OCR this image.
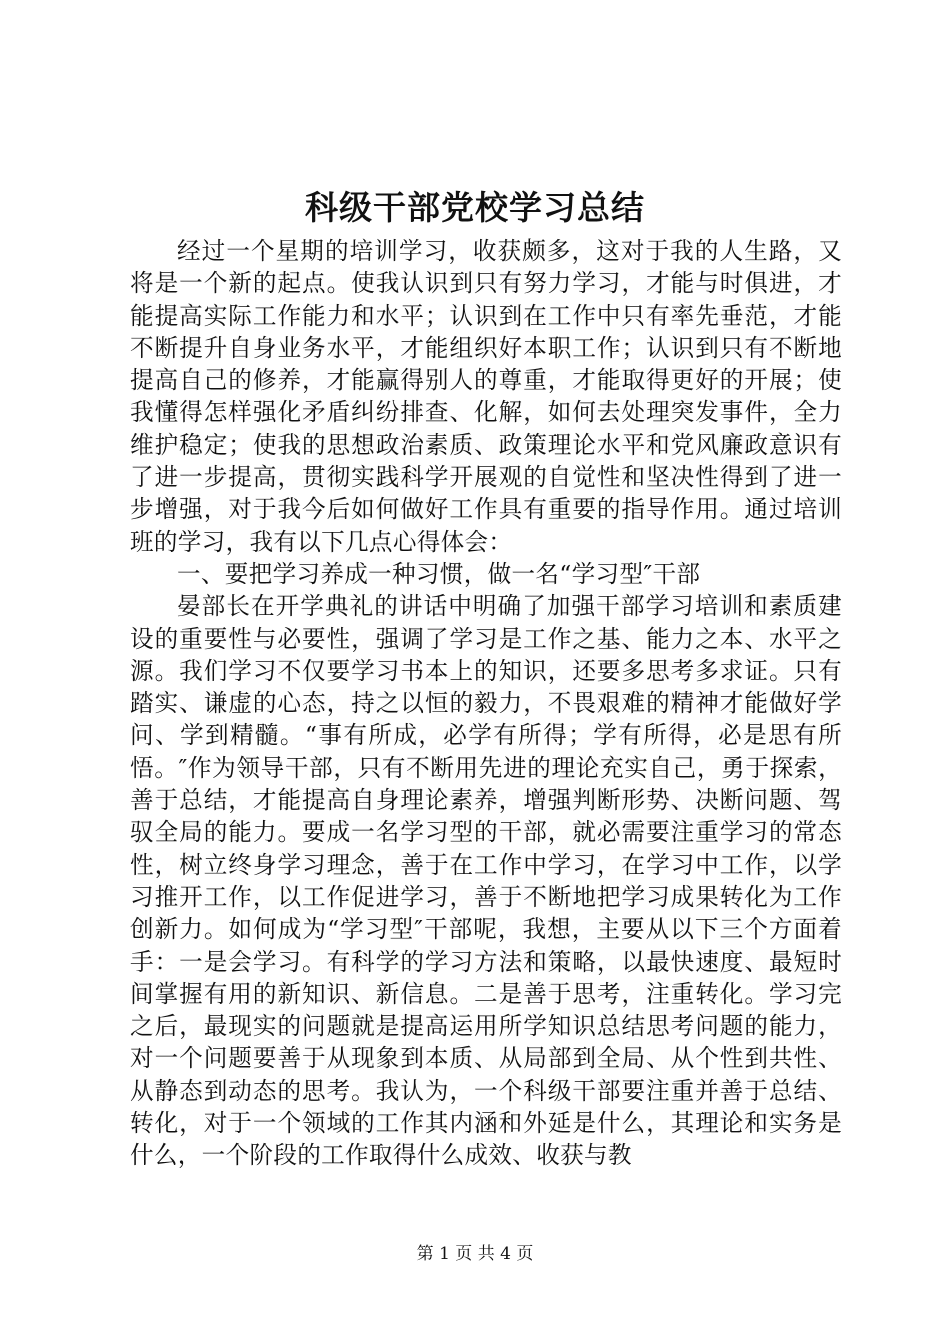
科级干部党校学习总结

经过一个星期的培训学习，收获颇多，这对于我的人生路，又将是一个新的起点。使我认识到只有努力学习，才能与时俱进，才能提高实际工作能力和水平；认识到在工作中只有率先垂范，才能不断提升自身业务水平，才能组织好本职工作；认识到只有不断地提高自己的修养，才能赢得别人的尊重，才能取得更好的开展；使我懂得怎样强化矛盾纠纷排查、化解，如何去处理突发事件，全力维护稳定；使我的思想政治素质、政策理论水平和党风廉政意识有了进一步提高，贯彻实践科学开展观的自觉性和坚决性得到了进一步增强，对于我今后如何做好工作具有重要的指导作用。通过培训班的学习，我有以下几点心得体会：

一、要把学习养成一种习惯，做一名“学习型″干部

晏部长在开学典礼的讲话中明确了加强干部学习培训和素质建设的重要性与必要性，强调了学习是工作之基、能力之本、水平之源。我们学习不仅要学习书本上的知识，还要多思考多求证。只有踏实、谦虚的心态，持之以恒的毅力，不畏艰难的精神才能做好学问、学到精髓。“事有所成，必学有所得；学有所得，必是思有所悟。″作为领导干部，只有不断用先进的理论充实自己，勇于探索，善于总结，才能提高自身理论素养，增强判断形势、决断问题、驾驭全局的能力。要成一名学习型的干部，就必需要注重学习的常态性，树立终身学习理念，善于在工作中学习，在学习中工作，以学习推开工作，以工作促进学习，善于不断地把学习成果转化为工作创新力。如何成为“学习型″干部呢，我想，主要从以下三个方面着手：一是会学习。有科学的学习方法和策略，以最快速度、最短时间掌握有用的新知识、新信息。二是善于思考，注重转化。学习完之后，最现实的问题就是提高运用所学知识总结思考问题的能力，对一个问题要善于从现象到本质、从局部到全局、从个性到共性、从静态到动态的思考。我认为，一个科级干部要注重并善于总结、转化，对于一个领域的工作其内涵和外延是什么，其理论和实务是什么，一个阶段的工作取得什么成效、收获与教

第 1 页 共 4 页
